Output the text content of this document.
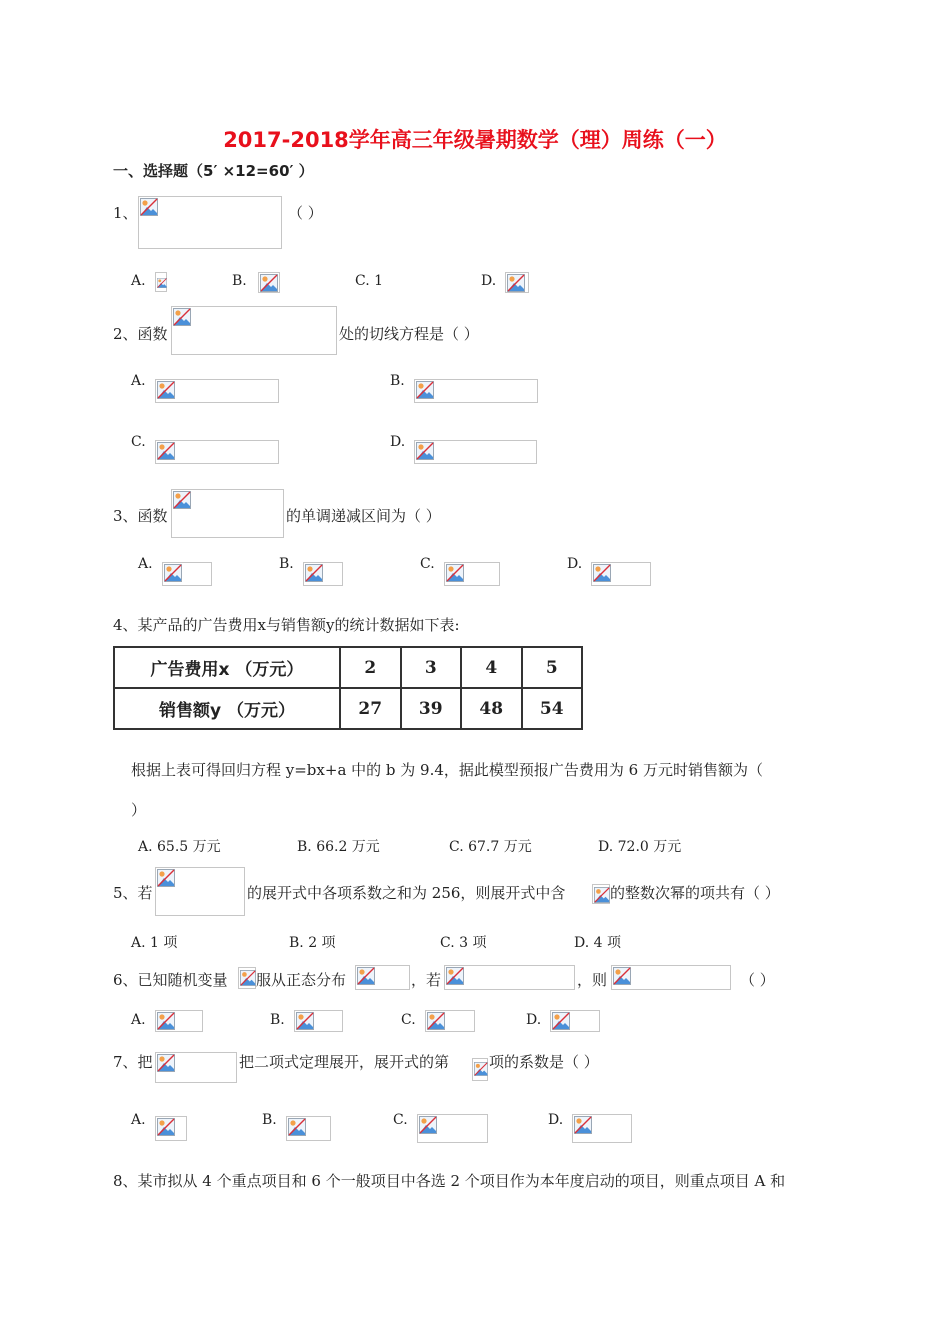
2017-2018学年高三年级暑期数学（理）周练（一）
一、选择题（5′ ×12=60′ ）
1、	（ ）
A.	B.	C. 1	D.
2、函数	处的切线方程是（ ）
A.	B.
C.	D.
3、函数	的单调递减区间为（ ）
A.	B.	C.	D.
4、某产品的广告费用x与销售额y的统计数据如下表:
广告费用x （万元）	2	3	4	5
销售额y （万元）	27	39	48	54
根据上表可得回归方程 y=bx+a 中的 b 为 9.4，据此模型预报广告费用为 6 万元时销售额为（
）
A. 65.5 万元	B. 66.2 万元	C. 67.7 万元	D. 72.0 万元
5、若	的展开式中各项系数之和为 256，则展开式中含	的整数次幂的项共有（ ）
A. 1 项	B. 2 项	C. 3 项	D. 4 项
6、已知随机变量 服从正态分布	，若	，则	（ ）
A.	B.	C.	D.
7、把	把二项式定理展开，展开式的第	项的系数是（ ）
A.	B.	C.	D.
8、某市拟从 4 个重点项目和 6 个一般项目中各选 2 个项目作为本年度启动的项目，则重点项目 A 和
